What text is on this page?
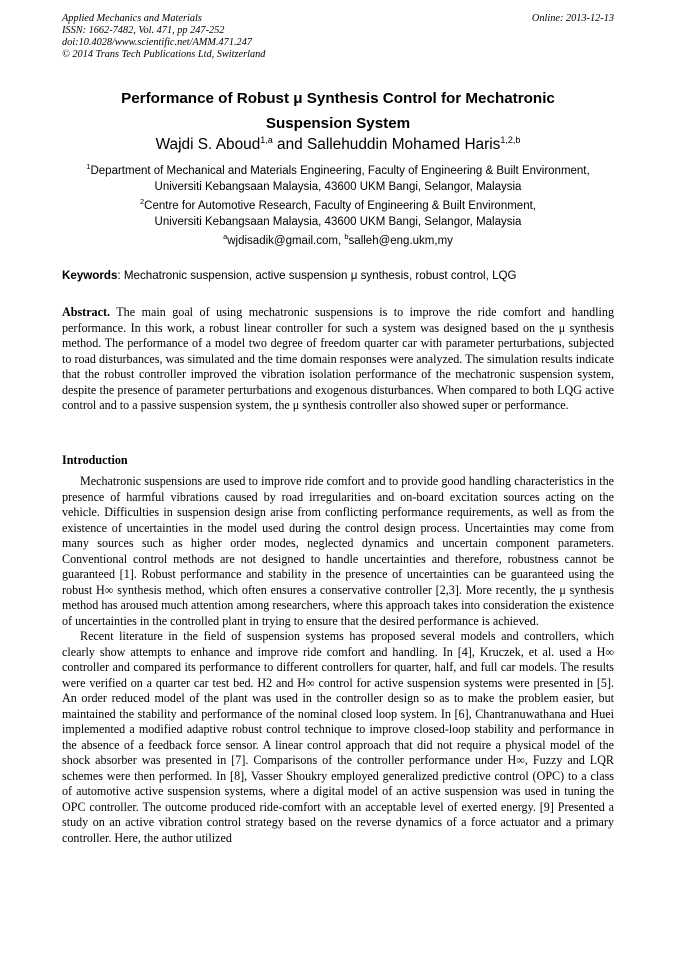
Applied Mechanics and Materials
ISSN: 1662-7482, Vol. 471, pp 247-252
doi:10.4028/www.scientific.net/AMM.471.247
© 2014 Trans Tech Publications Ltd, Switzerland
Online: 2013-12-13
Performance of Robust μ Synthesis Control for Mechatronic
Suspension System
Wajdi S. Aboud$^{1,a}$ and Sallehuddin Mohamed Haris$^{1,2,b}$
$^1$Department of Mechanical and Materials Engineering, Faculty of Engineering & Built Environment,
Universiti Kebangsaan Malaysia, 43600 UKM Bangi, Selangor, Malaysia
$^2$Centre for Automotive Research, Faculty of Engineering & Built Environment,
Universiti Kebangsaan Malaysia, 43600 UKM Bangi, Selangor, Malaysia
$^a$wjdisadik@gmail.com, $^b$salleh@eng.ukm,my
Keywords: Mechatronic suspension, active suspension μ synthesis, robust control, LQG
Abstract. The main goal of using mechatronic suspensions is to improve the ride comfort and handling performance. In this work, a robust linear controller for such a system was designed based on the μ synthesis method. The performance of a model two degree of freedom quarter car with parameter perturbations, subjected to road disturbances, was simulated and the time domain responses were analyzed. The simulation results indicate that the robust controller improved the vibration isolation performance of the mechatronic suspension system, despite the presence of parameter perturbations and exogenous disturbances. When compared to both LQG active control and to a passive suspension system, the μ synthesis controller also showed super or performance.
Introduction

Mechatronic suspensions are used to improve ride comfort and to provide good handling characteristics in the presence of harmful vibrations caused by road irregularities and on-board excitation sources acting on the vehicle. Difficulties in suspension design arise from conflicting performance requirements, as well as from the existence of uncertainties in the model used during the control design process. Uncertainties may come from many sources such as higher order modes, neglected dynamics and uncertain component parameters. Conventional control methods are not designed to handle uncertainties and therefore, robustness cannot be guaranteed [1]. Robust performance and stability in the presence of uncertainties can be guaranteed using the robust H∞ synthesis method, which often ensures a conservative controller [2,3]. More recently, the μ synthesis method has aroused much attention among researchers, where this approach takes into consideration the existence of uncertainties in the controlled plant in trying to ensure that the desired performance is achieved.

Recent literature in the field of suspension systems has proposed several models and controllers, which clearly show attempts to enhance and improve ride comfort and handling. In [4], Kruczek, et al. used a H∞ controller and compared its performance to different controllers for quarter, half, and full car models. The results were verified on a quarter car test bed. H2 and H∞ control for active suspension systems were presented in [5]. An order reduced model of the plant was used in the controller design so as to make the problem easier, but maintained the stability and performance of the nominal closed loop system. In [6], Chantranuwathana and Huei implemented a modified adaptive robust control technique to improve closed-loop stability and performance in the absence of a feedback force sensor. A linear control approach that did not require a physical model of the shock absorber was presented in [7]. Comparisons of the controller performance under H∞, Fuzzy and LQR schemes were then performed. In [8], Vasser Shoukry employed generalized predictive control (OPC) to a class of automotive active suspension systems, where a digital model of an active suspension was used in tuning the OPC controller. The outcome produced ride-comfort with an acceptable level of exerted energy. [9] Presented a study on an active vibration control strategy based on the reverse dynamics of a force actuator and a primary controller. Here, the author utilized
